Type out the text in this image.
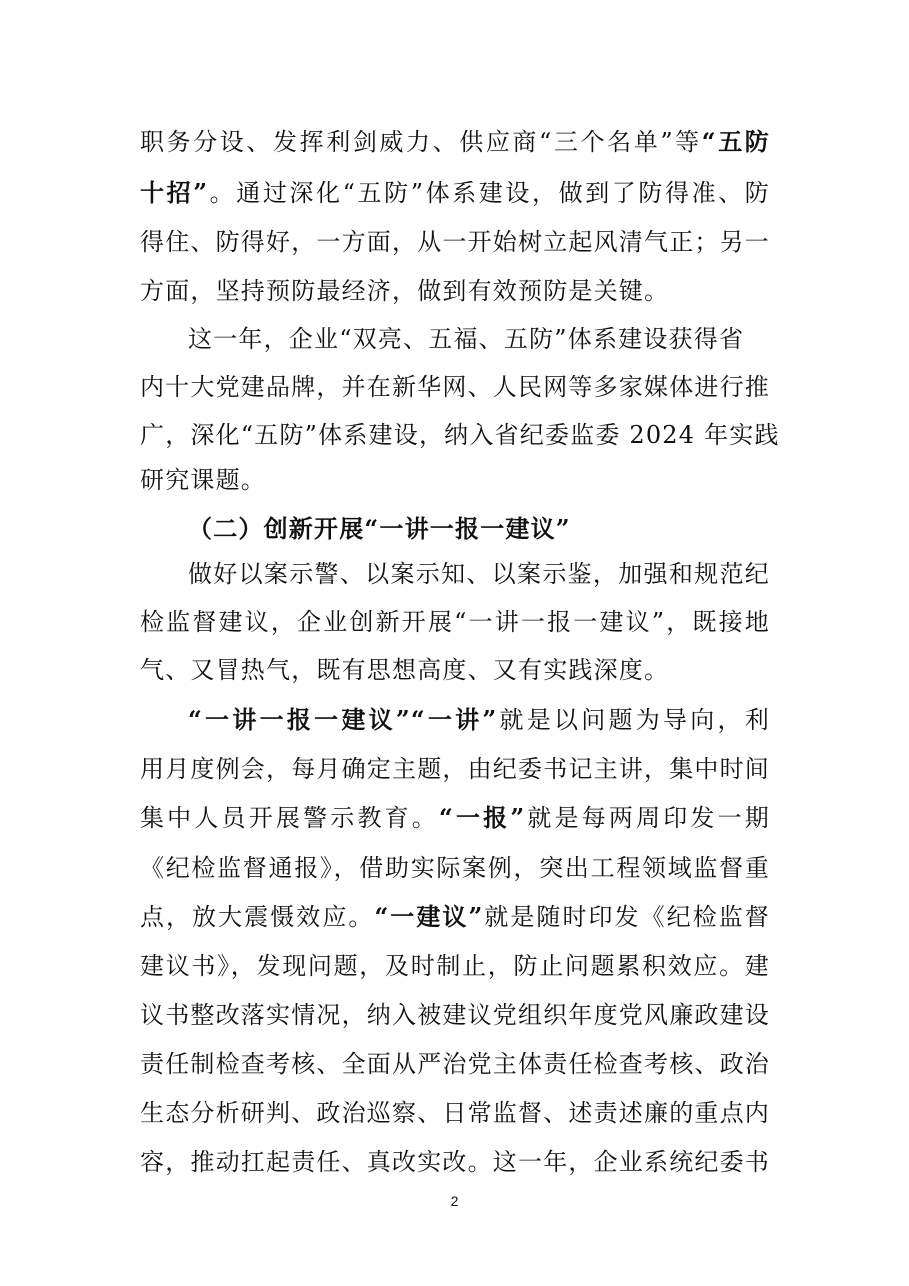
职务分设、发挥利剑威力、供应商“三个名单”等“五防
十招”。通过深化“五防”体系建设，做到了防得准、防
得住、防得好，一方面，从一开始树立起风清气正；另一
方面，坚持预防最经济，做到有效预防是关键。
这一年，企业“双亮、五福、五防”体系建设获得省
内十大党建品牌，并在新华网、人民网等多家媒体进行推
广，深化“五防”体系建设，纳入省纪委监委 2024 年实践
研究课题。
（二）创新开展“一讲一报一建议”
做好以案示警、以案示知、以案示鉴，加强和规范纪
检监督建议，企业创新开展“一讲一报一建议”，既接地
气、又冒热气，既有思想高度、又有实践深度。
“一讲一报一建议”“一讲”就是以问题为导向，利
用月度例会，每月确定主题，由纪委书记主讲，集中时间
集中人员开展警示教育。“一报”就是每两周印发一期
《纪检监督通报》，借助实际案例，突出工程领域监督重
点，放大震慑效应。“一建议”就是随时印发《纪检监督
建议书》，发现问题，及时制止，防止问题累积效应。建
议书整改落实情况，纳入被建议党组织年度党风廉政建设
责任制检查考核、全面从严治党主体责任检查考核、政治
生态分析研判、政治巡察、日常监督、述责述廉的重点内
容，推动扛起责任、真改实改。这一年，企业系统纪委书
2
